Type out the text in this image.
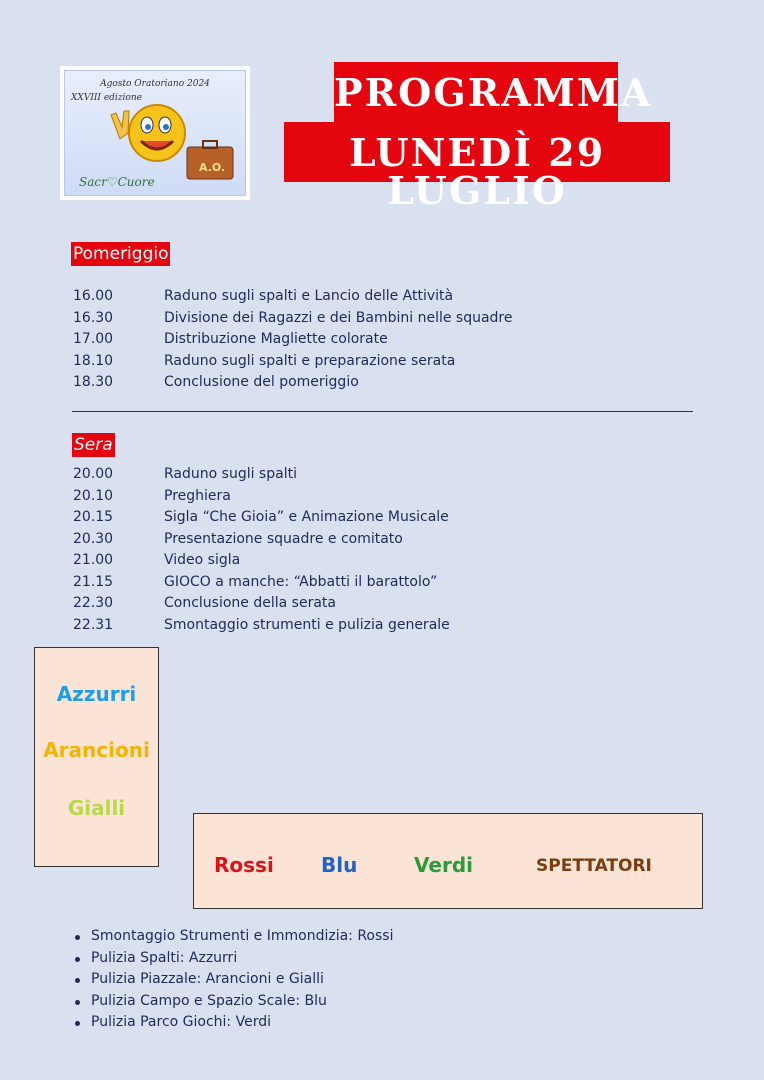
Agosto Oratoriano 2024
XXVIII edizione
A.O.
Sacr♡Cuore
PROGRAMMA
LUNEDÌ 29 LUGLIO
Pomeriggio
16.00	Raduno sugli spalti e Lancio delle Attività
16.30	Divisione dei Ragazzi e dei Bambini nelle squadre
17.00	Distribuzione Magliette colorate
18.10	Raduno sugli spalti e preparazione serata
18.30	Conclusione del pomeriggio
Sera
20.00	Raduno sugli spalti
20.10	Preghiera
20.15	Sigla “Che Gioia” e Animazione Musicale
20.30	Presentazione squadre e comitato
21.00	Video sigla
21.15	GIOCO a manche: “Abbatti il barattolo”
22.30	Conclusione della serata
22.31	Smontaggio strumenti e pulizia generale
Azzurri
Arancioni
Gialli
Rossi Blu	Verdi	SPETTATORI
Smontaggio Strumenti e Immondizia: Rossi
Pulizia Spalti: Azzurri
Pulizia Piazzale: Arancioni e Gialli
Pulizia Campo e Spazio Scale: Blu
Pulizia Parco Giochi: Verdi
